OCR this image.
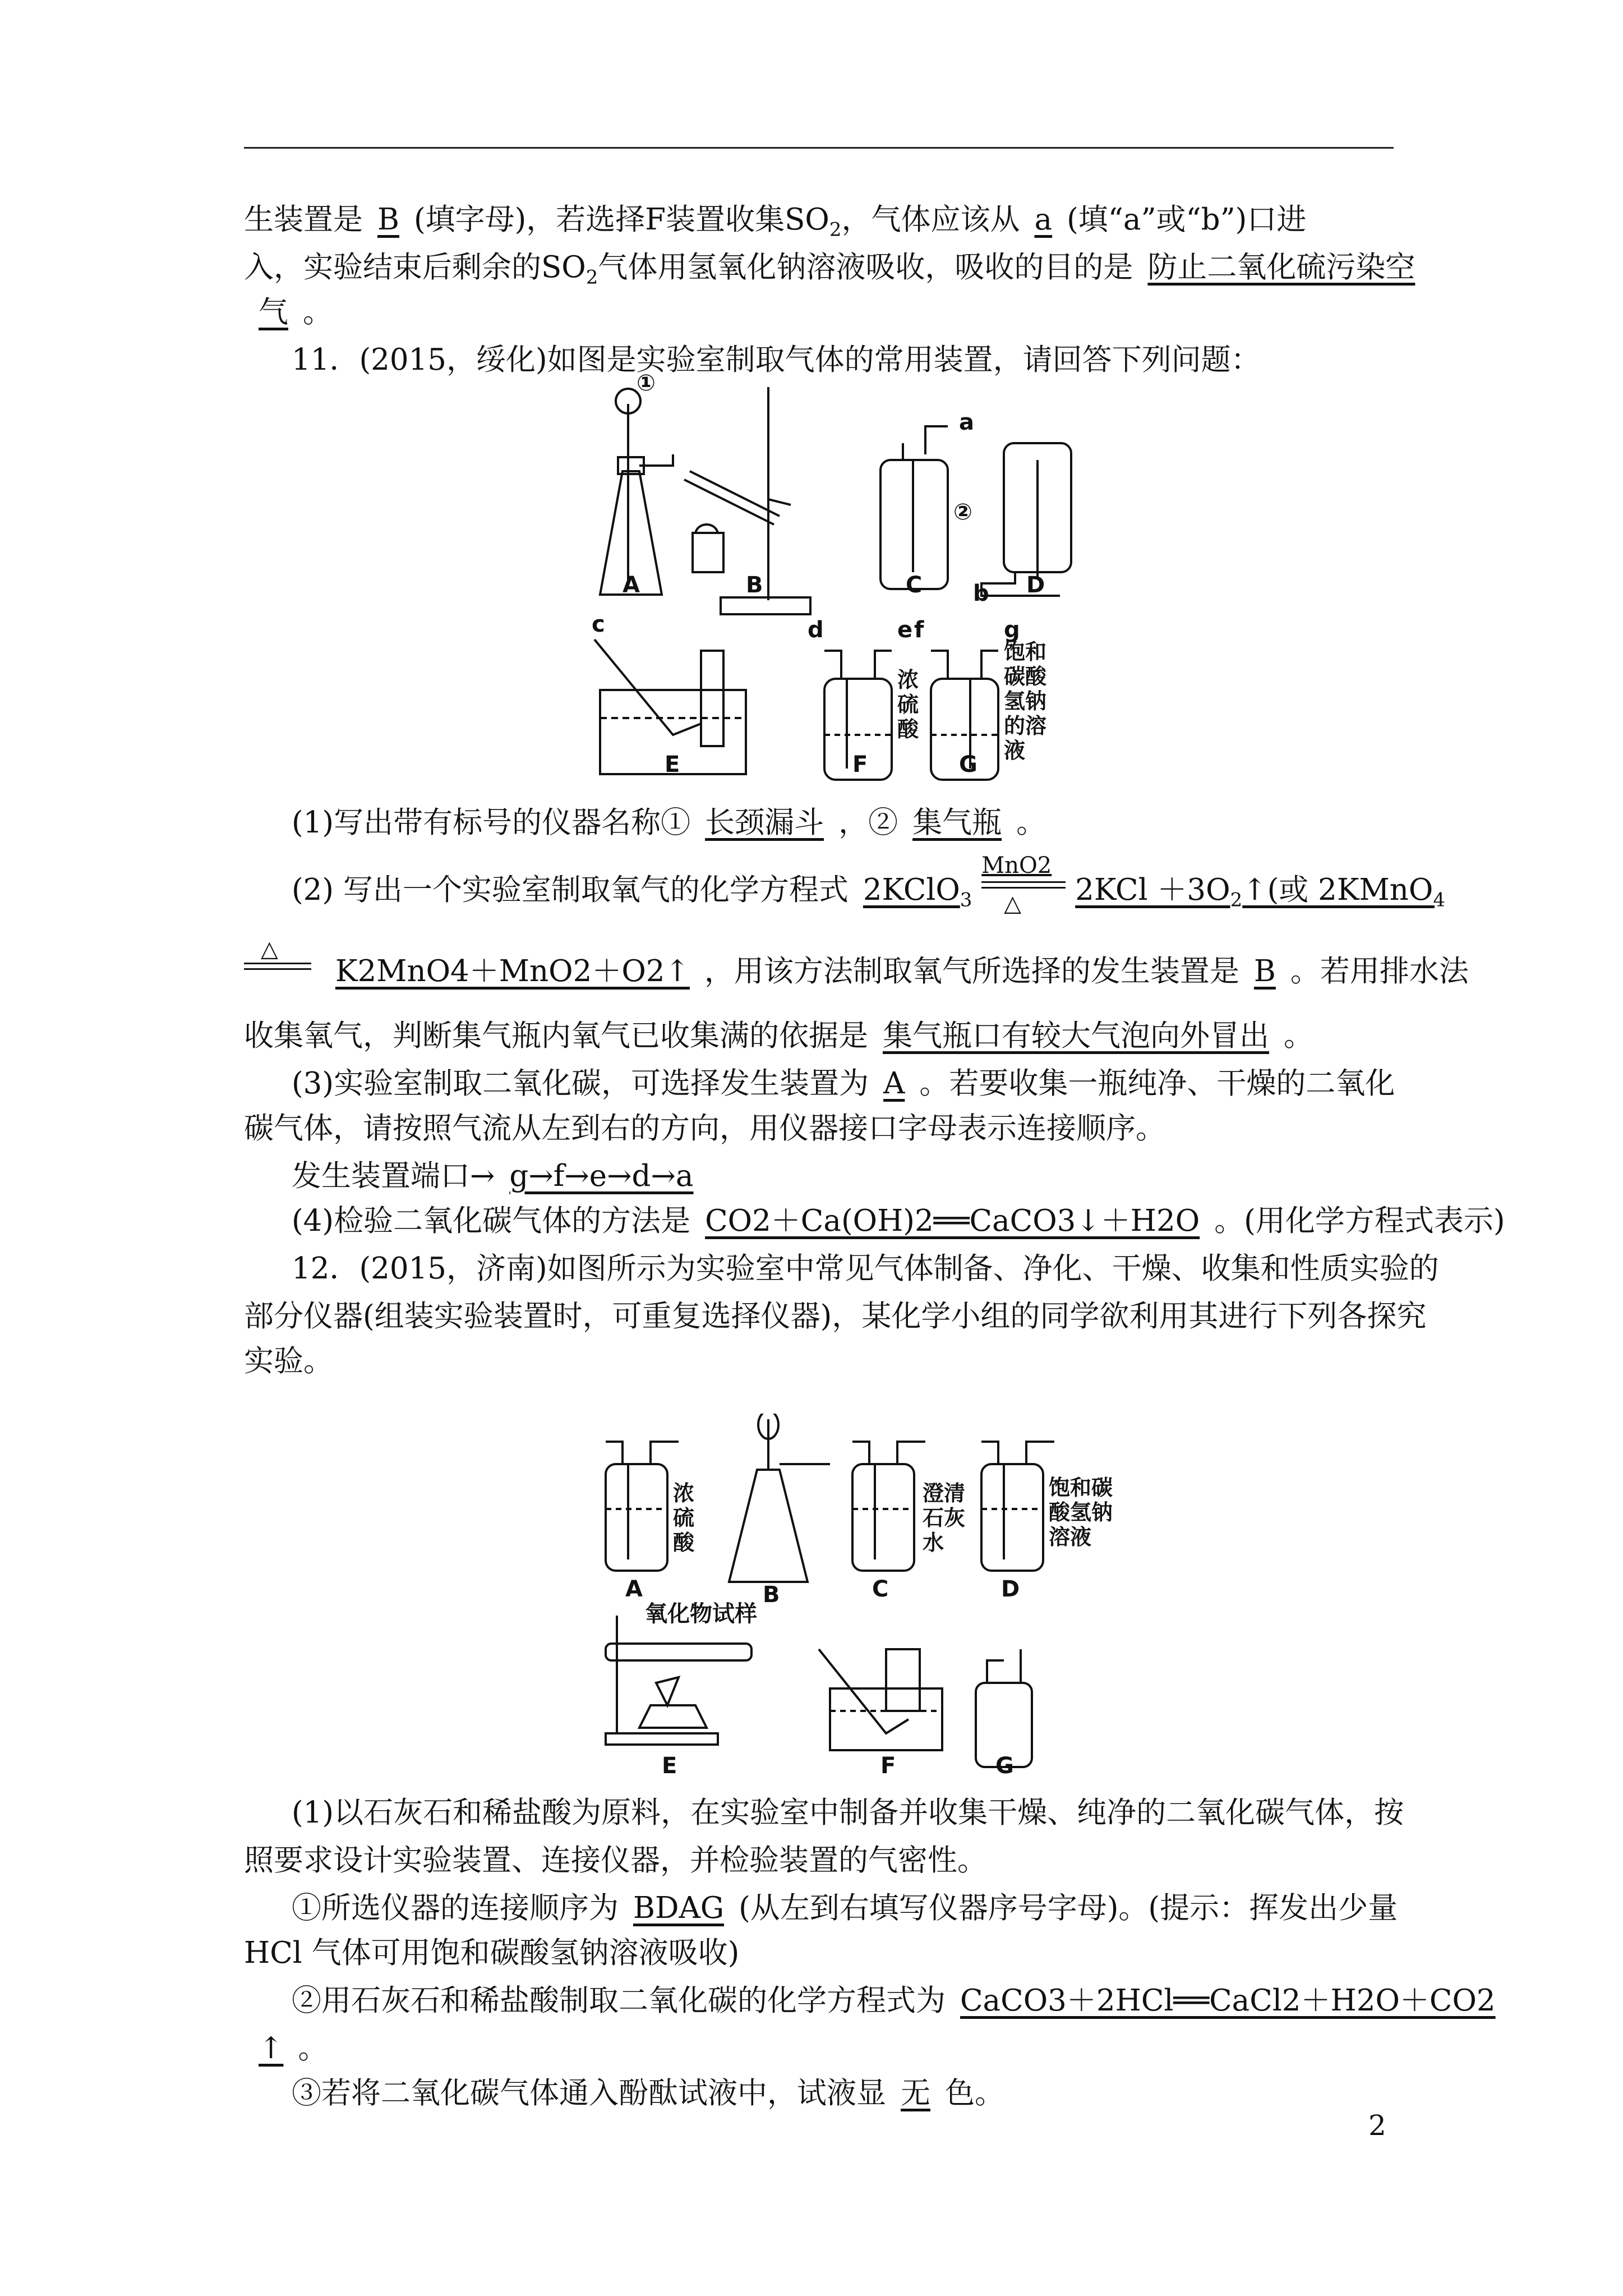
生装置是 B (填字母)，若选择F装置收集$SO_2$，气体应该从 a (填“a”或“b”)口进
入，实验结束后剩余的$SO_2$气体用氢氧化钠溶液吸收，吸收的目的是 防止二氧化硫污染空
气 。
11．(2015，绥化)如图是实验室制取气体的常用装置，请回答下列问题：
①
②
a
b
c	d	e f	g
A	B	C	D
E	F	G
浓硫酸
饱和碳酸氢钠的溶液
(1)写出带有标号的仪器名称① 长颈漏斗 ，② 集气瓶 。
(2) 写出一个实验室制取氧气的化学方程式 2KClO$_3$
MnO2
△ $2KCl +3O_2↑$(或 2KMnO$_4$
△
K2MnO4＋MnO2＋O2↑ ，用该方法制取氧气所选择的发生装置是 B 。若用排水法
收集氧气，判断集气瓶内氧气已收集满的依据是 集气瓶口有较大气泡向外冒出 。
(3)实验室制取二氧化碳，可选择发生装置为 A 。若要收集一瓶纯净、干燥的二氧化
碳气体，请按照气流从左到右的方向，用仪器接口字母表示连接顺序。
发生装置端口→ g→f→e→d→a
(4)检验二氧化碳气体的方法是 CO2＋Ca(OH)2══CaCO3↓＋H2O 。(用化学方程式表示)
12．(2015，济南)如图所示为实验室中常见气体制备、净化、干燥、收集和性质实验的
部分仪器(组装实验装置时，可重复选择仪器)，某化学小组的同学欲利用其进行下列各探究
实验。
A	B	C	D
E	F	G
浓硫酸
澄清石灰水
饱和碳酸氢钠溶液
氧化物试样
(1)以石灰石和稀盐酸为原料，在实验室中制备并收集干燥、纯净的二氧化碳气体，按
照要求设计实验装置、连接仪器，并检验装置的气密性。
①所选仪器的连接顺序为 BDAG (从左到右填写仪器序号字母)。(提示：挥发出少量
HCl 气体可用饱和碳酸氢钠溶液吸收)
②用石灰石和稀盐酸制取二氧化碳的化学方程式为 CaCO3＋2HCl══CaCl2＋H2O＋CO2
↑ 。
③若将二氧化碳气体通入酚酞试液中，试液显 无 色。
2
